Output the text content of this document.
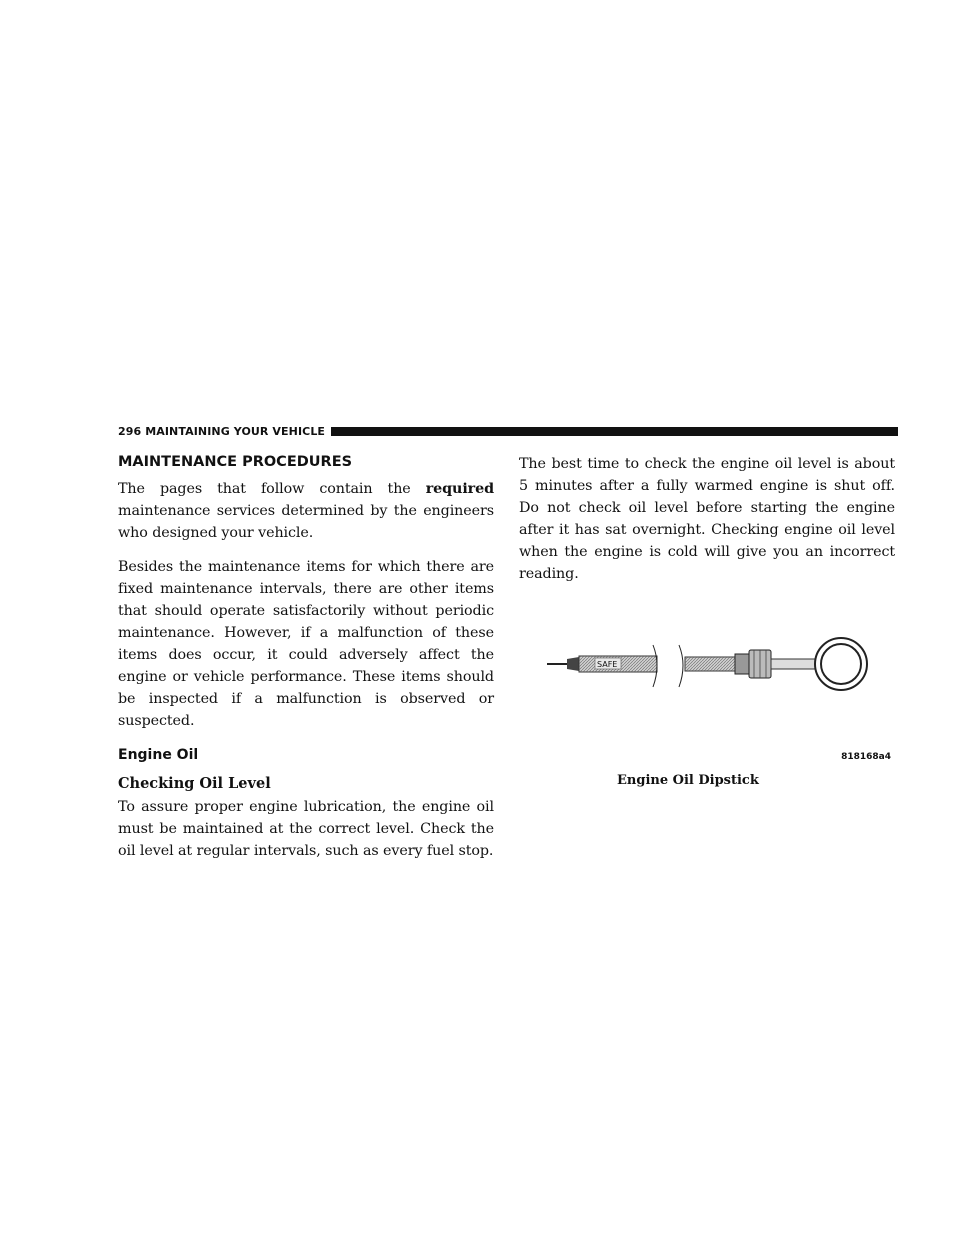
296 MAINTAINING YOUR VEHICLE
MAINTENANCE PROCEDURES

The pages that follow contain the required maintenance services determined by the engineers who designed your vehicle.

Besides the maintenance items for which there are fixed maintenance intervals, there are other items that should operate satisfactorily without periodic maintenance. However, if a malfunction of these items does occur, it could adversely affect the engine or vehicle performance. These items should be inspected if a malfunction is observed or suspected.

Engine Oil
Checking Oil Level

To assure proper engine lubrication, the engine oil must be maintained at the correct level. Check the oil level at regular intervals, such as every fuel stop.

The best time to check the engine oil level is about 5 minutes after a fully warmed engine is shut off. Do not check oil level before starting the engine after it has sat overnight. Checking engine oil level when the engine is cold will give you an incorrect reading.

SAFE
818168a4
Engine Oil Dipstick
